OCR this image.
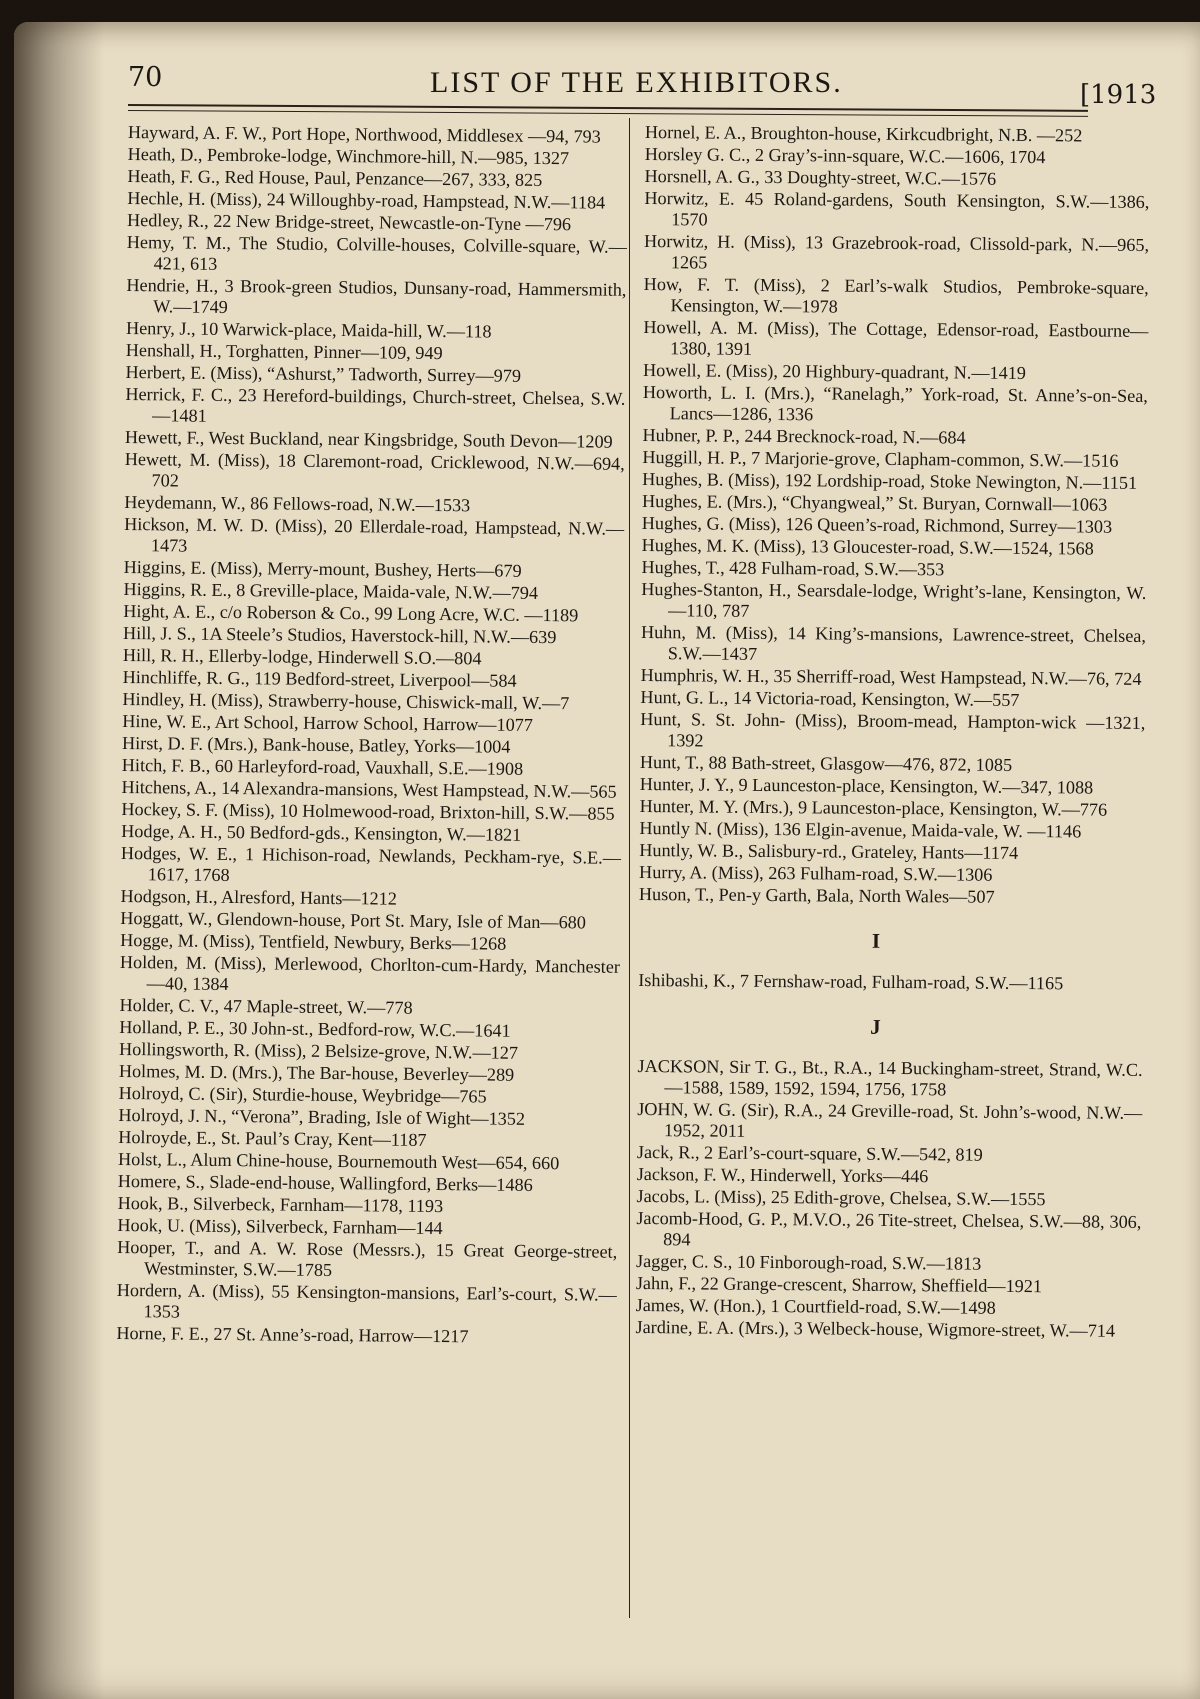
70	LIST OF THE EXHIBITORS.	[1913
Hayward, A. F. W., Port Hope, Northwood, Middlesex —94, 793
Heath, D., Pembroke-lodge, Winchmore-hill, N.—985, 1327
Heath, F. G., Red House, Paul, Penzance—267, 333, 825
Hechle, H. (Miss), 24 Willoughby-road, Hampstead, N.W.—1184
Hedley, R., 22 New Bridge-street, Newcastle-on-Tyne —796
Hemy, T. M., The Studio, Colville-houses, Colville-square, W.—421, 613
Hendrie, H., 3 Brook-green Studios, Dunsany-road, Hammersmith, W.—1749
Henry, J., 10 Warwick-place, Maida-hill, W.—118
Henshall, H., Torghatten, Pinner—109, 949
Herbert, E. (Miss), “Ashurst,” Tadworth, Surrey—979
Herrick, F. C., 23 Hereford-buildings, Church-street, Chelsea, S.W.—1481
Hewett, F., West Buckland, near Kingsbridge, South Devon—1209
Hewett, M. (Miss), 18 Claremont-road, Cricklewood, N.W.—694, 702
Heydemann, W., 86 Fellows-road, N.W.—1533
Hickson, M. W. D. (Miss), 20 Ellerdale-road, Hampstead, N.W.—1473
Higgins, E. (Miss), Merry-mount, Bushey, Herts—679
Higgins, R. E., 8 Greville-place, Maida-vale, N.W.—794
Hight, A. E., c/o Roberson & Co., 99 Long Acre, W.C. —1189
Hill, J. S., 1A Steele’s Studios, Haverstock-hill, N.W.—639
Hill, R. H., Ellerby-lodge, Hinderwell S.O.—804
Hinchliffe, R. G., 119 Bedford-street, Liverpool—584
Hindley, H. (Miss), Strawberry-house, Chiswick-mall, W.—7
Hine, W. E., Art School, Harrow School, Harrow—1077
Hirst, D. F. (Mrs.), Bank-house, Batley, Yorks—1004
Hitch, F. B., 60 Harleyford-road, Vauxhall, S.E.—1908
Hitchens, A., 14 Alexandra-mansions, West Hampstead, N.W.—565
Hockey, S. F. (Miss), 10 Holmewood-road, Brixton-hill, S.W.—855
Hodge, A. H., 50 Bedford-gds., Kensington, W.—1821
Hodges, W. E., 1 Hichison-road, Newlands, Peckham-rye, S.E.—1617, 1768
Hodgson, H., Alresford, Hants—1212
Hoggatt, W., Glendown-house, Port St. Mary, Isle of Man—680
Hogge, M. (Miss), Tentfield, Newbury, Berks—1268
Holden, M. (Miss), Merlewood, Chorlton-cum-Hardy, Manchester—40, 1384
Holder, C. V., 47 Maple-street, W.—778
Holland, P. E., 30 John-st., Bedford-row, W.C.—1641
Hollingsworth, R. (Miss), 2 Belsize-grove, N.W.—127
Holmes, M. D. (Mrs.), The Bar-house, Beverley—289
Holroyd, C. (Sir), Sturdie-house, Weybridge—765
Holroyd, J. N., “Verona”, Brading, Isle of Wight—1352
Holroyde, E., St. Paul’s Cray, Kent—1187
Holst, L., Alum Chine-house, Bournemouth West—654, 660
Homere, S., Slade-end-house, Wallingford, Berks—1486
Hook, B., Silverbeck, Farnham—1178, 1193
Hook, U. (Miss), Silverbeck, Farnham—144
Hooper, T., and A. W. Rose (Messrs.), 15 Great George-street, Westminster, S.W.—1785
Hordern, A. (Miss), 55 Kensington-mansions, Earl’s-court, S.W.—1353
Horne, F. E., 27 St. Anne’s-road, Harrow—1217
Hornel, E. A., Broughton-house, Kirkcudbright, N.B. —252
Horsley G. C., 2 Gray’s-inn-square, W.C.—1606, 1704
Horsnell, A. G., 33 Doughty-street, W.C.—1576
Horwitz, E. 45 Roland-gardens, South Kensington, S.W.—1386, 1570
Horwitz, H. (Miss), 13 Grazebrook-road, Clissold-park, N.—965, 1265
How, F. T. (Miss), 2 Earl’s-walk Studios, Pembroke-square, Kensington, W.—1978
Howell, A. M. (Miss), The Cottage, Edensor-road, Eastbourne—1380, 1391
Howell, E. (Miss), 20 Highbury-quadrant, N.—1419
Howorth, L. I. (Mrs.), “Ranelagh,” York-road, St. Anne’s-on-Sea, Lancs—1286, 1336
Hubner, P. P., 244 Brecknock-road, N.—684
Huggill, H. P., 7 Marjorie-grove, Clapham-common, S.W.—1516
Hughes, B. (Miss), 192 Lordship-road, Stoke Newington, N.—1151
Hughes, E. (Mrs.), “Chyangweal,” St. Buryan, Cornwall—1063
Hughes, G. (Miss), 126 Queen’s-road, Richmond, Surrey—1303
Hughes, M. K. (Miss), 13 Gloucester-road, S.W.—1524, 1568
Hughes, T., 428 Fulham-road, S.W.—353
Hughes-Stanton, H., Searsdale-lodge, Wright’s-lane, Kensington, W.—110, 787
Huhn, M. (Miss), 14 King’s-mansions, Lawrence-street, Chelsea, S.W.—1437
Humphris, W. H., 35 Sherriff-road, West Hampstead, N.W.—76, 724
Hunt, G. L., 14 Victoria-road, Kensington, W.—557
Hunt, S. St. John- (Miss), Broom-mead, Hampton-wick —1321, 1392
Hunt, T., 88 Bath-street, Glasgow—476, 872, 1085
Hunter, J. Y., 9 Launceston-place, Kensington, W.—347, 1088
Hunter, M. Y. (Mrs.), 9 Launceston-place, Kensington, W.—776
Huntly N. (Miss), 136 Elgin-avenue, Maida-vale, W. —1146
Huntly, W. B., Salisbury-rd., Grateley, Hants—1174
Hurry, A. (Miss), 263 Fulham-road, S.W.—1306
Huson, T., Pen-y Garth, Bala, North Wales—507
I
Ishibashi, K., 7 Fernshaw-road, Fulham-road, S.W.—1165
J
JACKSON, Sir T. G., Bt., R.A., 14 Buckingham-street, Strand, W.C.—1588, 1589, 1592, 1594, 1756, 1758
JOHN, W. G. (Sir), R.A., 24 Greville-road, St. John’s-wood, N.W.—1952, 2011
Jack, R., 2 Earl’s-court-square, S.W.—542, 819
Jackson, F. W., Hinderwell, Yorks—446
Jacobs, L. (Miss), 25 Edith-grove, Chelsea, S.W.—1555
Jacomb-Hood, G. P., M.V.O., 26 Tite-street, Chelsea, S.W.—88, 306, 894
Jagger, C. S., 10 Finborough-road, S.W.—1813
Jahn, F., 22 Grange-crescent, Sharrow, Sheffield—1921
James, W. (Hon.), 1 Courtfield-road, S.W.—1498
Jardine, E. A. (Mrs.), 3 Welbeck-house, Wigmore-street, W.—714
